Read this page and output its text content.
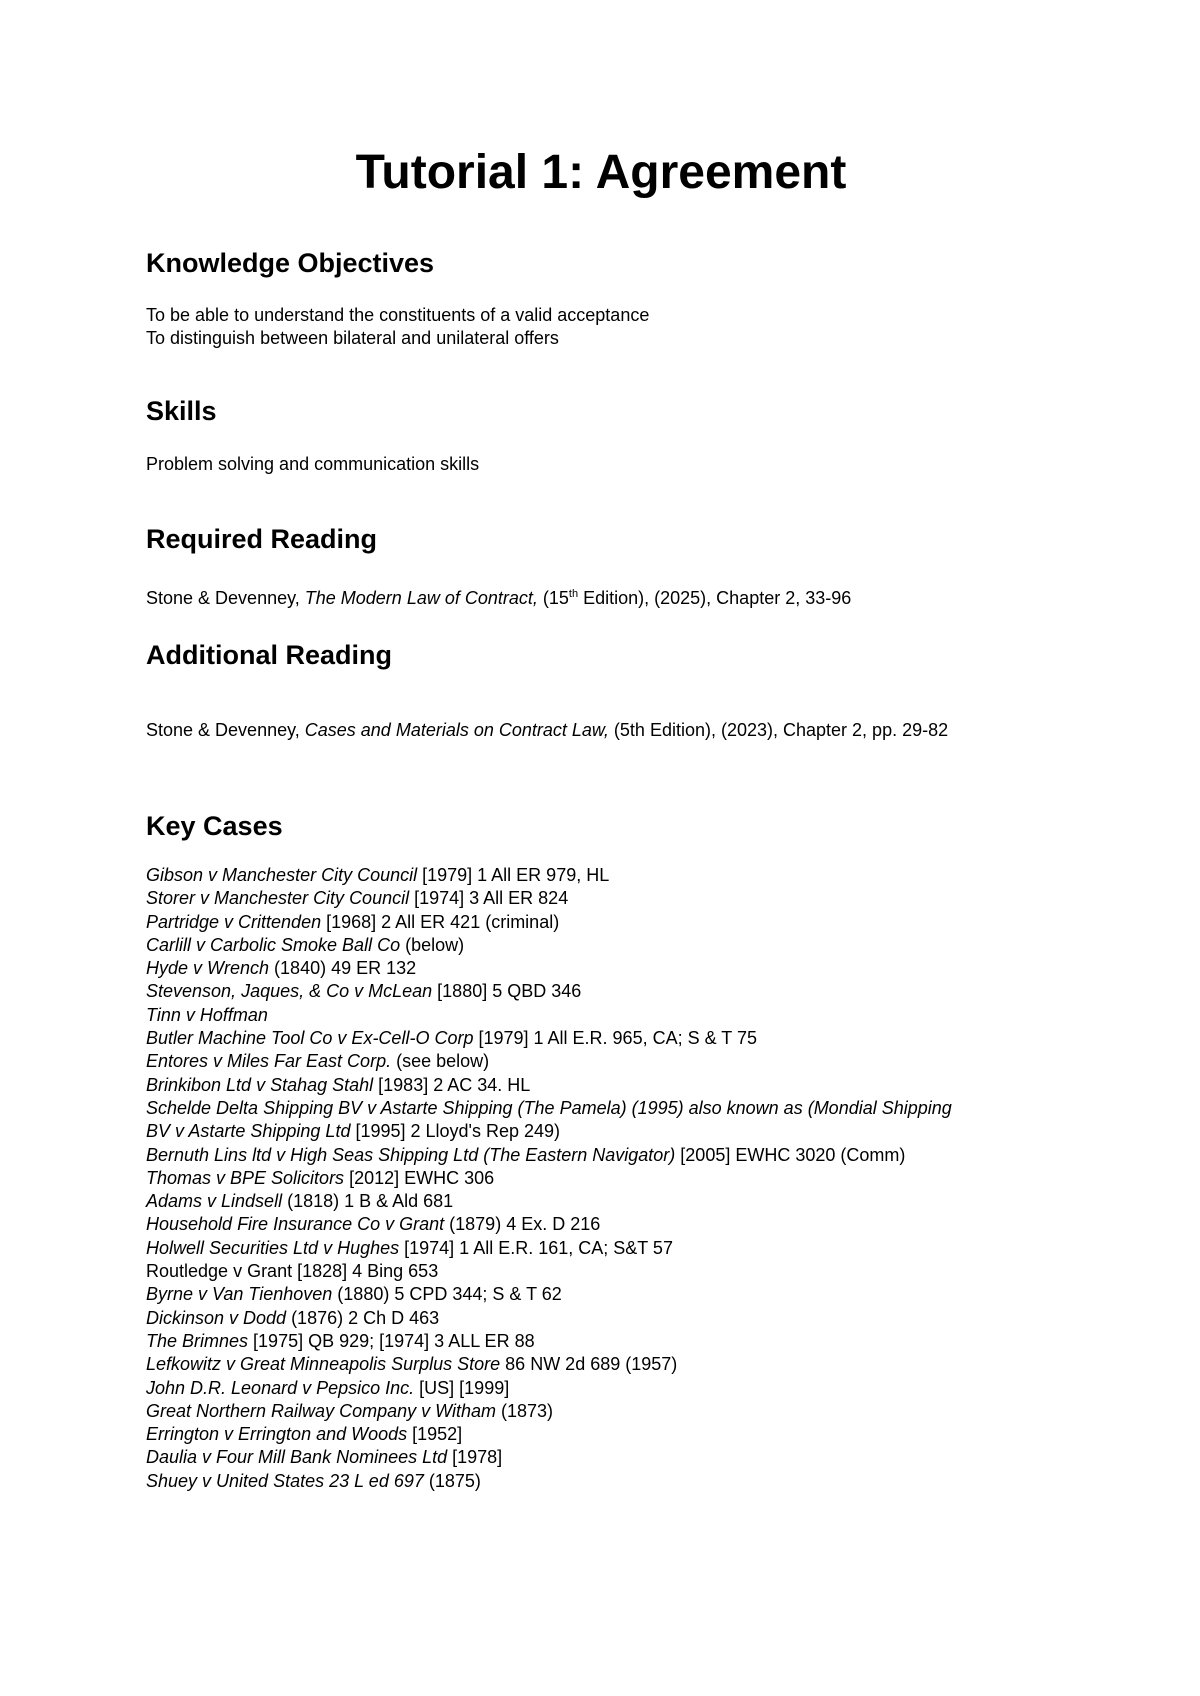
Tutorial 1: Agreement
Knowledge Objectives
To be able to understand the constituents of a valid acceptance
To distinguish between bilateral and unilateral offers
Skills

Problem solving and communication skills

Required Reading

Stone & Devenney, The Modern Law of Contract, (15th Edition), (2025), Chapter 2, 33-96

Additional Reading

Stone & Devenney, Cases and Materials on Contract Law, (5th Edition), (2023), Chapter 2, pp. 29-82

Key Cases
Gibson v Manchester City Council [1979] 1 All ER 979, HL
Storer v Manchester City Council [1974] 3 All ER 824
Partridge v Crittenden [1968] 2 All ER 421 (criminal)
Carlill v Carbolic Smoke Ball Co (below)
Hyde v Wrench (1840) 49 ER 132
Stevenson, Jaques, & Co v McLean [1880] 5 QBD 346
Tinn v Hoffman
Butler Machine Tool Co v Ex-Cell-O Corp [1979] 1 All E.R. 965, CA; S & T 75
Entores v Miles Far East Corp. (see below)
Brinkibon Ltd v Stahag Stahl [1983] 2 AC 34. HL
Schelde Delta Shipping BV v Astarte Shipping (The Pamela) (1995) also known as (Mondial Shipping
BV v Astarte Shipping Ltd [1995] 2 Lloyd's Rep 249)
Bernuth Lins ltd v High Seas Shipping Ltd (The Eastern Navigator) [2005] EWHC 3020 (Comm)
Thomas v BPE Solicitors [2012] EWHC 306
Adams v Lindsell (1818) 1 B & Ald 681
Household Fire Insurance Co v Grant (1879) 4 Ex. D 216
Holwell Securities Ltd v Hughes [1974] 1 All E.R. 161, CA; S&T 57
Routledge v Grant [1828] 4 Bing 653
Byrne v Van Tienhoven (1880) 5 CPD 344; S & T 62
Dickinson v Dodd (1876) 2 Ch D 463
The Brimnes [1975] QB 929; [1974] 3 ALL ER 88
Lefkowitz v Great Minneapolis Surplus Store 86 NW 2d 689 (1957)
John D.R. Leonard v Pepsico Inc. [US] [1999]
Great Northern Railway Company v Witham (1873)
Errington v Errington and Woods [1952]
Daulia v Four Mill Bank Nominees Ltd [1978]
Shuey v United States 23 L ed 697 (1875)
